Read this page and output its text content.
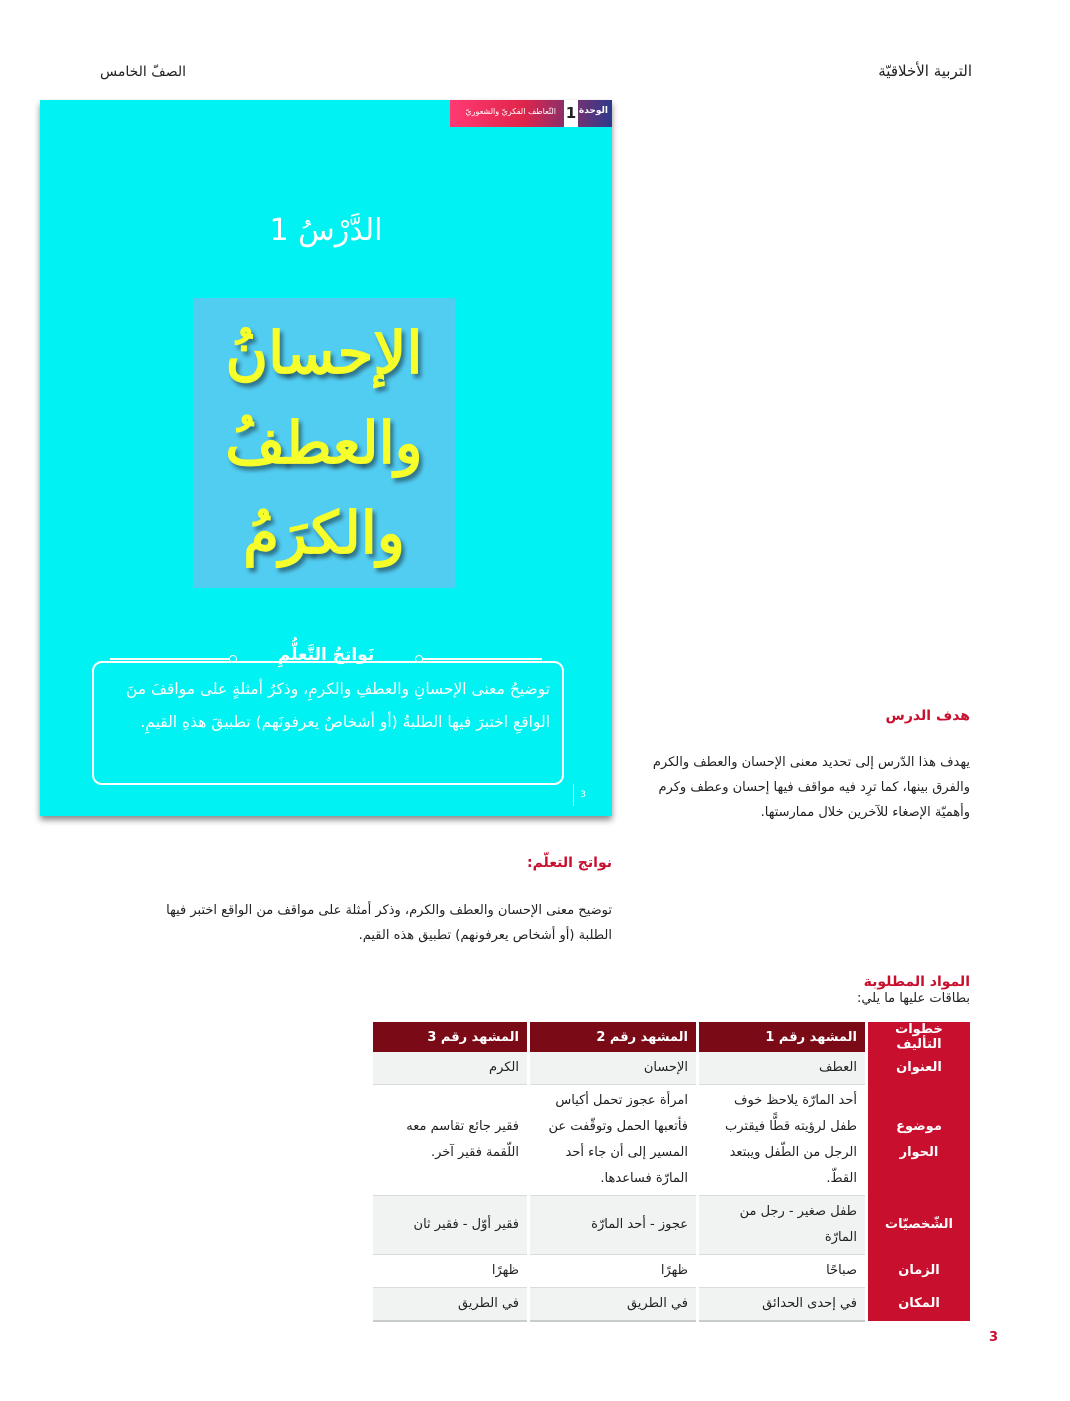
التربية الأخلاقيّة
الصفّ الخامس
الوحدة
1
التّعاطف الفكريّ والشعوريّ
الدَّرْسُ 1
الإحسانُ
والعطفُ
والكرَمُ
نَواتِجُ التَّعلُّمِ
توضيحُ معنى الإحسانِ والعطفِ والكرمِ، وذكرُ أمثلةٍ على مواقفَ منَ الواقعِ اختبرَ فيها الطلبةُ (أو أشخاصٌ يعرفونَهم) تطبيقَ هذهِ القيمِ.
3
هدف الدرس
يهدف هذا الدّرس إلى تحديد معنى الإحسان والعطف والكرم والفرق بينها، كما ترِد فيه مواقف فيها إحسان وعطف وكرم وأهميّة الإصغاء للآخرين خلال ممارستها.
نواتج التعلّم:
توضيح معنى الإحسان والعطف والكرم، وذكر أمثلة على مواقف من الواقع اختبر فيها الطلبة (أو أشخاص يعرفونهم) تطبيق هذه القيم.
المواد المطلوبة
بطاقات عليها ما يلي:
خطوات التأليف	المشهد رقم 1	المشهد رقم 2	المشهد رقم 3
العنوان	العطف	الإحسان	الكرم
موضوع الحوار	أحد المارّة يلاحظ خوف طفل لرؤيته قطًّا فيقترب الرجل من الطّفل ويبتعد القطّ.	امرأة عجوز تحمل أكياس فأتعبها الحمل وتوقّفت عن المسير إلى أن جاء أحد المارّة فساعدها.	فقير جائع تقاسم معه اللّقمة فقير آخر.
الشّخصيّات	طفل صغير - رجل من المارّة	عجوز - أحد المارّة	فقير أوّل - فقير ثان
الزمان	صباحًا	ظهرًا	ظهرًا
المكان	في إحدى الحدائق	في الطريق	في الطريق
3
